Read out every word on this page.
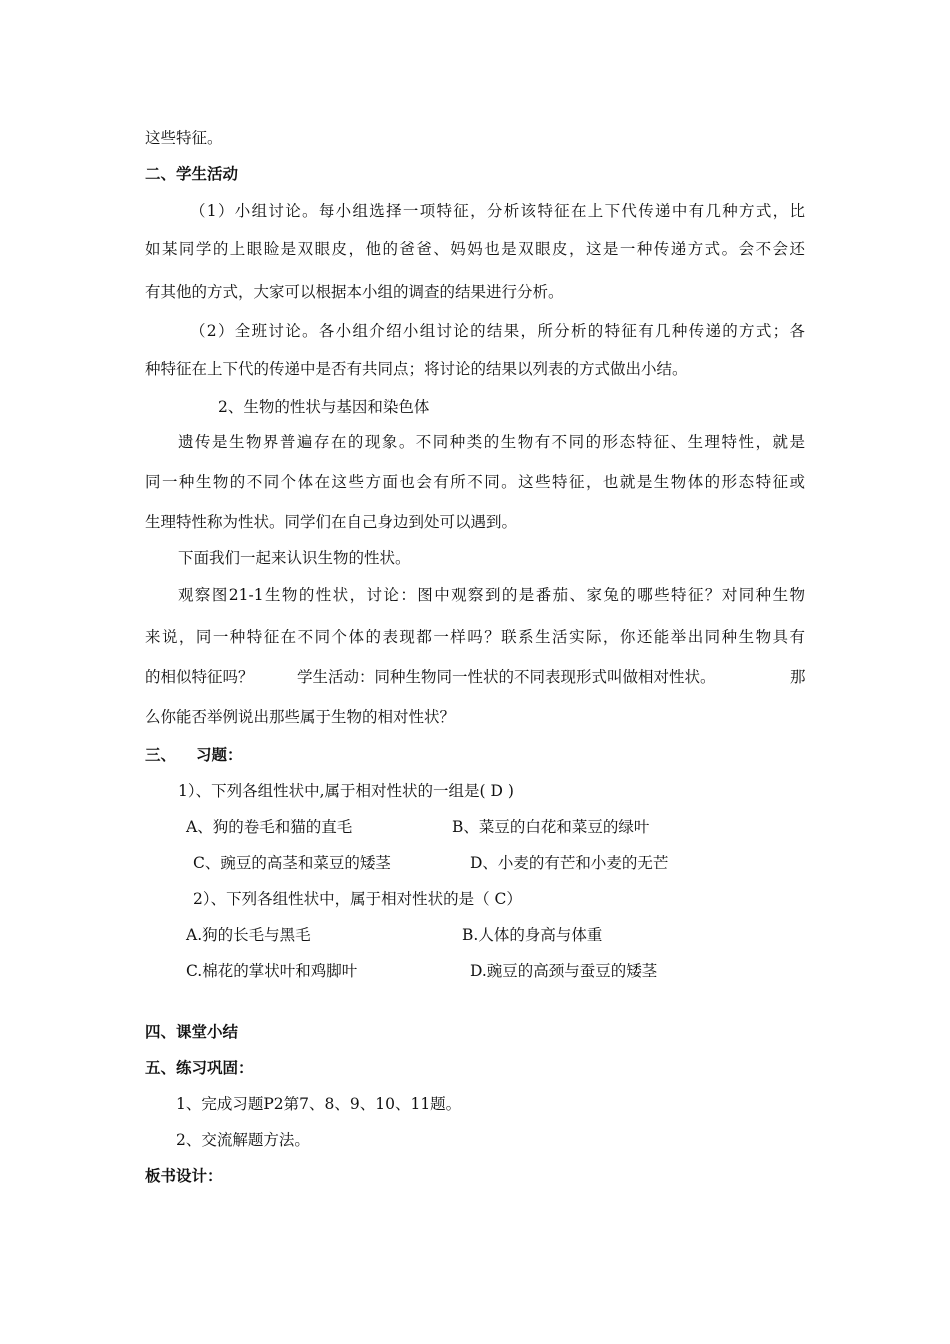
这些特征。
二、学生活动
（1）小组讨论。每小组选择一项特征，分析该特征在上下代传递中有几种方式，比
如某同学的上眼睑是双眼皮，他的爸爸、妈妈也是双眼皮，这是一种传递方式。会不会还
有其他的方式，大家可以根据本小组的调查的结果进行分析。
（2）全班讨论。各小组介绍小组讨论的结果，所分析的特征有几种传递的方式；各
种特征在上下代的传递中是否有共同点；将讨论的结果以列表的方式做出小结。
2、生物的性状与基因和染色体
遗传是生物界普遍存在的现象。不同种类的生物有不同的形态特征、生理特性，就是
同一种生物的不同个体在这些方面也会有所不同。这些特征，也就是生物体的形态特征或
生理特性称为性状。同学们在自己身边到处可以遇到。
下面我们一起来认识生物的性状。
观察图21-1生物的性状，讨论：图中观察到的是番茄、家兔的哪些特征？对同种生物
来说，同一种特征在不同个体的表现都一样吗？联系生活实际，你还能举出同种生物具有
的相似特征吗？	学生活动：同种生物同一性状的不同表现形式叫做相对性状。	那
么你能否举例说出那些属于生物的相对性状？
三、 习题：
1）、下列各组性状中,属于相对性状的一组是( D )
A、狗的卷毛和猫的直毛	B、菜豆的白花和菜豆的绿叶
C、豌豆的高茎和菜豆的矮茎	D、小麦的有芒和小麦的无芒
2）、下列各组性状中，属于相对性状的是（ C）
A.狗的长毛与黑毛	B.人体的身高与体重
C.棉花的掌状叶和鸡脚叶	D.豌豆的高颈与蚕豆的矮茎
四、课堂小结
五、练习巩固：
1、完成习题P2第7、8、9、10、11题。
2、交流解题方法。
板书设计：
